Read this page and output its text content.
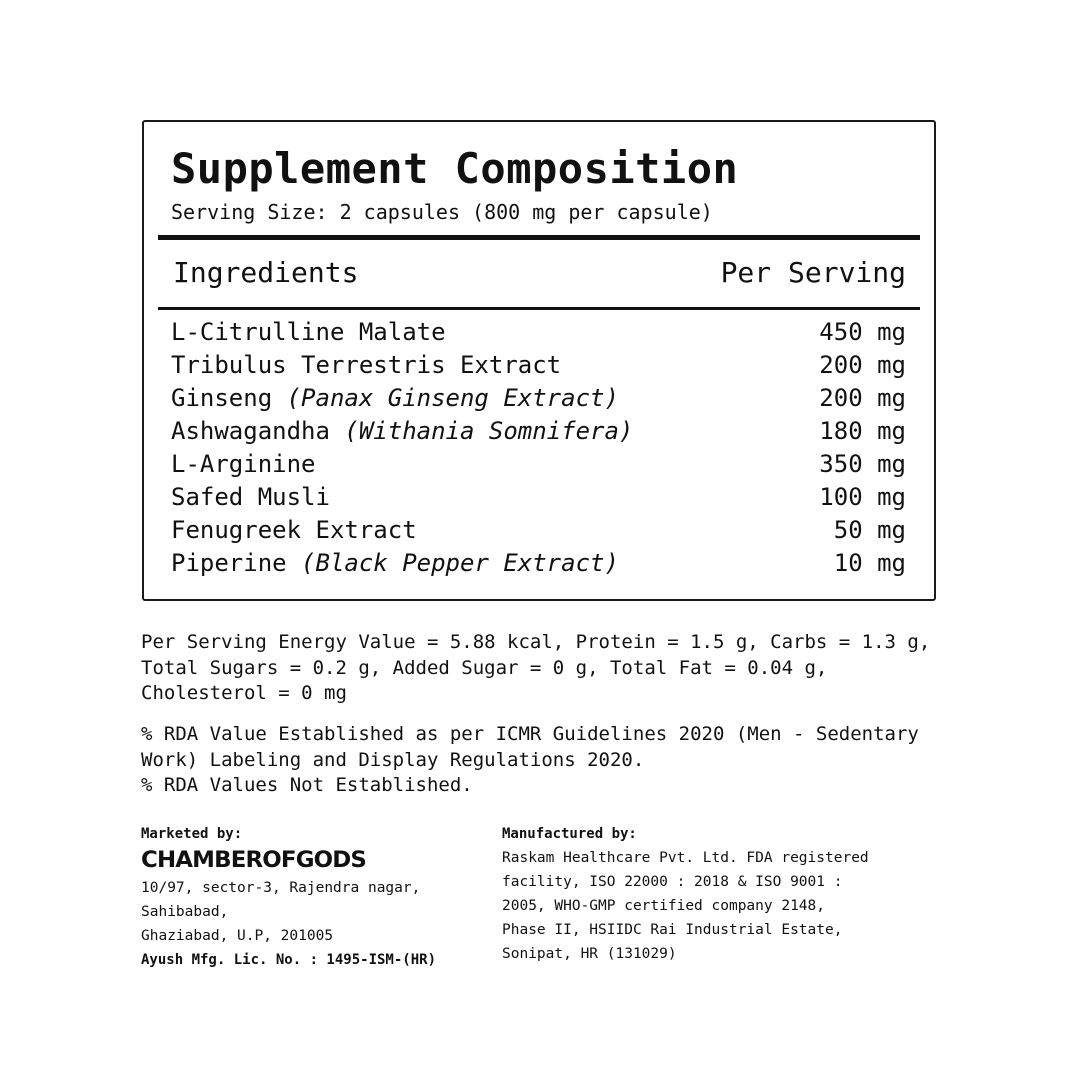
Supplement Composition
Serving Size: 2 capsules (800 mg per capsule)
Ingredients	Per Serving
L-Citrulline Malate	450 mg
Tribulus Terrestris Extract	200 mg
Ginseng (Panax Ginseng Extract)	200 mg
Ashwagandha (Withania Somnifera)	180 mg
L-Arginine	350 mg
Safed Musli	100 mg
Fenugreek Extract	50 mg
Piperine (Black Pepper Extract)	10 mg
Per Serving Energy Value = 5.88 kcal, Protein = 1.5 g, Carbs = 1.3 g, Total Sugars = 0.2 g, Added Sugar = 0 g, Total Fat = 0.04 g, Cholesterol = 0 mg
% RDA Value Established as per ICMR Guidelines 2020 (Men - Sedentary Work) Labeling and Display Regulations 2020.
% RDA Values Not Established.
Marketed by:
CHAMBEROFGODS
10/97, sector-3, Rajendra nagar,
Sahibabad,
Ghaziabad, U.P, 201005
Ayush Mfg. Lic. No. : 1495-ISM-(HR)
Manufactured by:
Raskam Healthcare Pvt. Ltd. FDA registered
facility, ISO 22000 : 2018 & ISO 9001 :
2005, WHO-GMP certified company 2148,
Phase II, HSIIDC Rai Industrial Estate,
Sonipat, HR (131029)
